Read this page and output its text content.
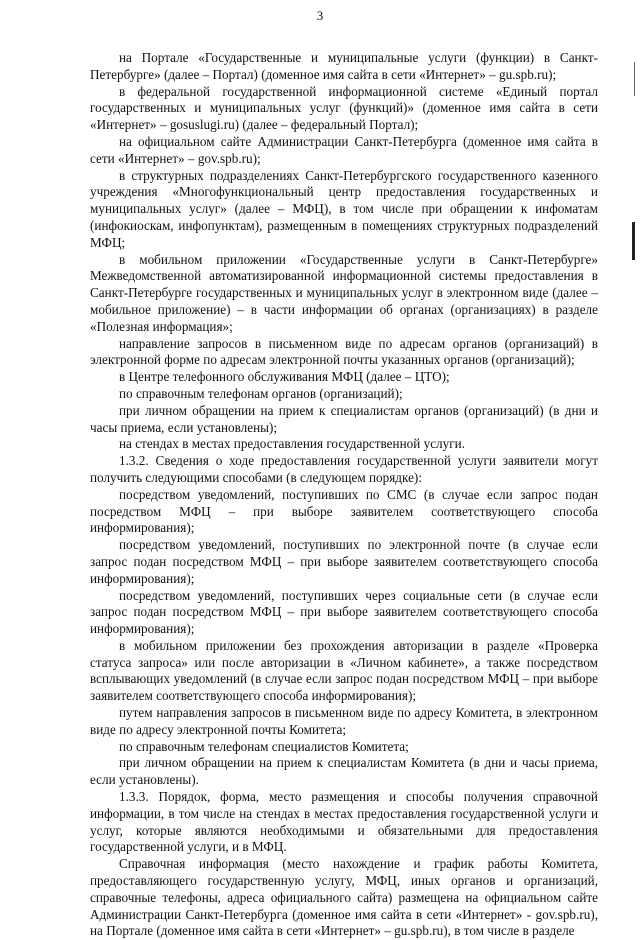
3

на Портале «Государственные и муниципальные услуги (функции) в Санкт-Петербурге» (далее – Портал) (доменное имя сайта в сети «Интернет» – gu.spb.ru);

в федеральной государственной информационной системе «Единый портал государственных и муниципальных услуг (функций)» (доменное имя сайта в сети «Интернет» – gosuslugi.ru) (далее – федеральный Портал);

на официальном сайте Администрации Санкт-Петербурга (доменное имя сайта в сети «Интернет» – gov.spb.ru);

в структурных подразделениях Санкт-Петербургского государственного казенного учреждения «Многофункциональный центр предоставления государственных и муниципальных услуг» (далее – МФЦ), в том числе при обращении к инфоматам (инфокиоскам, инфопунктам), размещенным в помещениях структурных подразделений МФЦ;

в мобильном приложении «Государственные услуги в Санкт-Петербурге» Межведомственной автоматизированной информационной системы предоставления в Санкт-Петербурге государственных и муниципальных услуг в электронном виде (далее – мобильное приложение) – в части информации об органах (организациях) в разделе «Полезная информация»;

направление запросов в письменном виде по адресам органов (организаций) в электронной форме по адресам электронной почты указанных органов (организаций);

в Центре телефонного обслуживания МФЦ (далее – ЦТО);

по справочным телефонам органов (организаций);

при личном обращении на прием к специалистам органов (организаций) (в дни и часы приема, если установлены);

на стендах в местах предоставления государственной услуги.

1.3.2. Сведения о ходе предоставления государственной услуги заявители могут получить следующими способами (в следующем порядке):

посредством уведомлений, поступивших по СМС (в случае если запрос подан посредством МФЦ – при выборе заявителем соответствующего способа информирования);

посредством уведомлений, поступивших по электронной почте (в случае если запрос подан посредством МФЦ – при выборе заявителем соответствующего способа информирования);

посредством уведомлений, поступивших через социальные сети (в случае если запрос подан посредством МФЦ – при выборе заявителем соответствующего способа информирования);

в мобильном приложении без прохождения авторизации в разделе «Проверка статуса запроса» или после авторизации в «Личном кабинете», а также посредством всплывающих уведомлений (в случае если запрос подан посредством МФЦ – при выборе заявителем соответствующего способа информирования);

путем направления запросов в письменном виде по адресу Комитета, в электронном виде по адресу электронной почты Комитета;

по справочным телефонам специалистов Комитета;

при личном обращении на прием к специалистам Комитета (в дни и часы приема, если установлены).

1.3.3. Порядок, форма, место размещения и способы получения справочной информации, в том числе на стендах в местах предоставления государственной услуги и услуг, которые являются необходимыми и обязательными для предоставления государственной услуги, и в МФЦ.

Справочная информация (место нахождение и график работы Комитета, предоставляющего государственную услугу, МФЦ, иных органов и организаций, справочные телефоны, адреса официального сайта) размещена на официальном сайте Администрации Санкт-Петербурга (доменное имя сайта в сети «Интернет» - gov.spb.ru), на Портале (доменное имя сайта в сети «Интернет» – gu.spb.ru), в том числе в разделе
